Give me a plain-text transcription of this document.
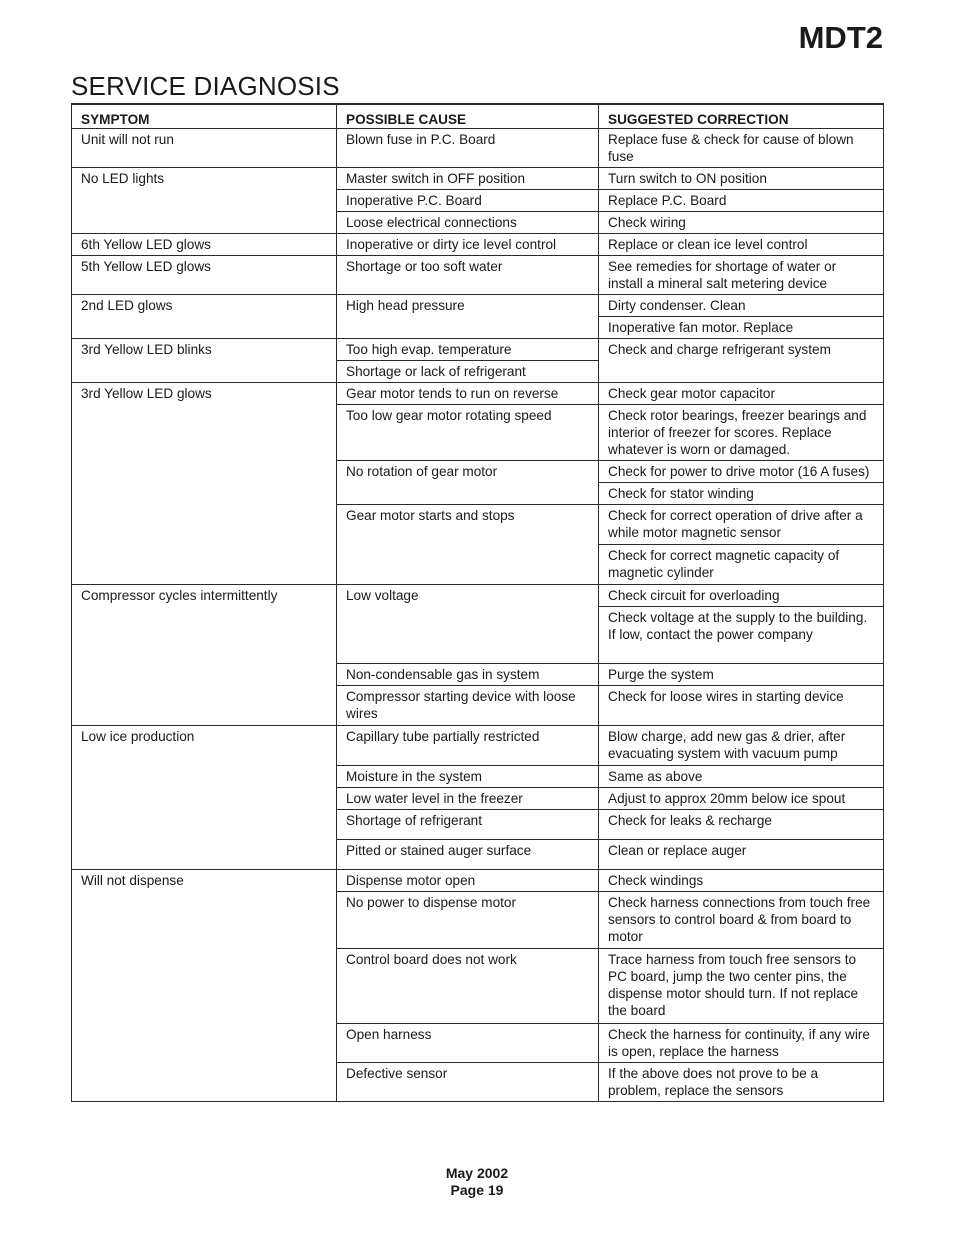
MDT2
SERVICE DIAGNOSIS
SYMPTOM	POSSIBLE CAUSE	SUGGESTED CORRECTION
Unit will not run	Blown fuse in P.C. Board	Replace fuse & check for cause of blown fuse
No LED lights	Master switch in OFF position	Turn switch to ON position
	Inoperative P.C. Board	Replace P.C. Board
	Loose electrical connections	Check wiring
6th Yellow LED glows	Inoperative or dirty ice level control	Replace or clean ice level control
5th Yellow LED glows	Shortage or too soft water	See remedies for shortage of water or install a mineral salt metering device
2nd LED glows	High head pressure	Dirty condenser. Clean
		Inoperative fan motor. Replace
3rd Yellow LED blinks	Too high evap. temperature	Check and charge refrigerant system
	Shortage or lack of refrigerant	
3rd Yellow LED glows	Gear motor tends to run on reverse	Check gear motor capacitor
	Too low gear motor rotating speed	Check rotor bearings, freezer bearings and interior of freezer for scores. Replace whatever is worn or damaged.
	No rotation of gear motor	Check for power to drive motor (16 A fuses)
		Check for stator winding
	Gear motor starts and stops	Check for correct operation of drive after a while motor magnetic sensor
		Check for correct magnetic capacity of magnetic cylinder
Compressor cycles intermittently	Low voltage	Check circuit for overloading
		Check voltage at the supply to the building. If low, contact the power company
	Non-condensable gas in system	Purge the system
	Compressor starting device with loose wires	Check for loose wires in starting device
Low ice production	Capillary tube partially restricted	Blow charge, add new gas & drier, after evacuating system with vacuum pump
	Moisture in the system	Same as above
	Low water level in the freezer	Adjust to approx 20mm below ice spout
	Shortage of refrigerant	Check for leaks & recharge
	Pitted or stained auger surface	Clean or replace auger
Will not dispense	Dispense motor open	Check windings
	No power to dispense motor	Check harness connections from touch free sensors to control board & from board to motor
	Control board does not work	Trace harness from touch free sensors to PC board, jump the two center pins, the dispense motor should turn. If not replace the board
	Open harness	Check the harness for continuity, if any wire is open, replace the harness
	Defective sensor	If the above does not prove to be a problem, replace the sensors
May 2002
Page 19
